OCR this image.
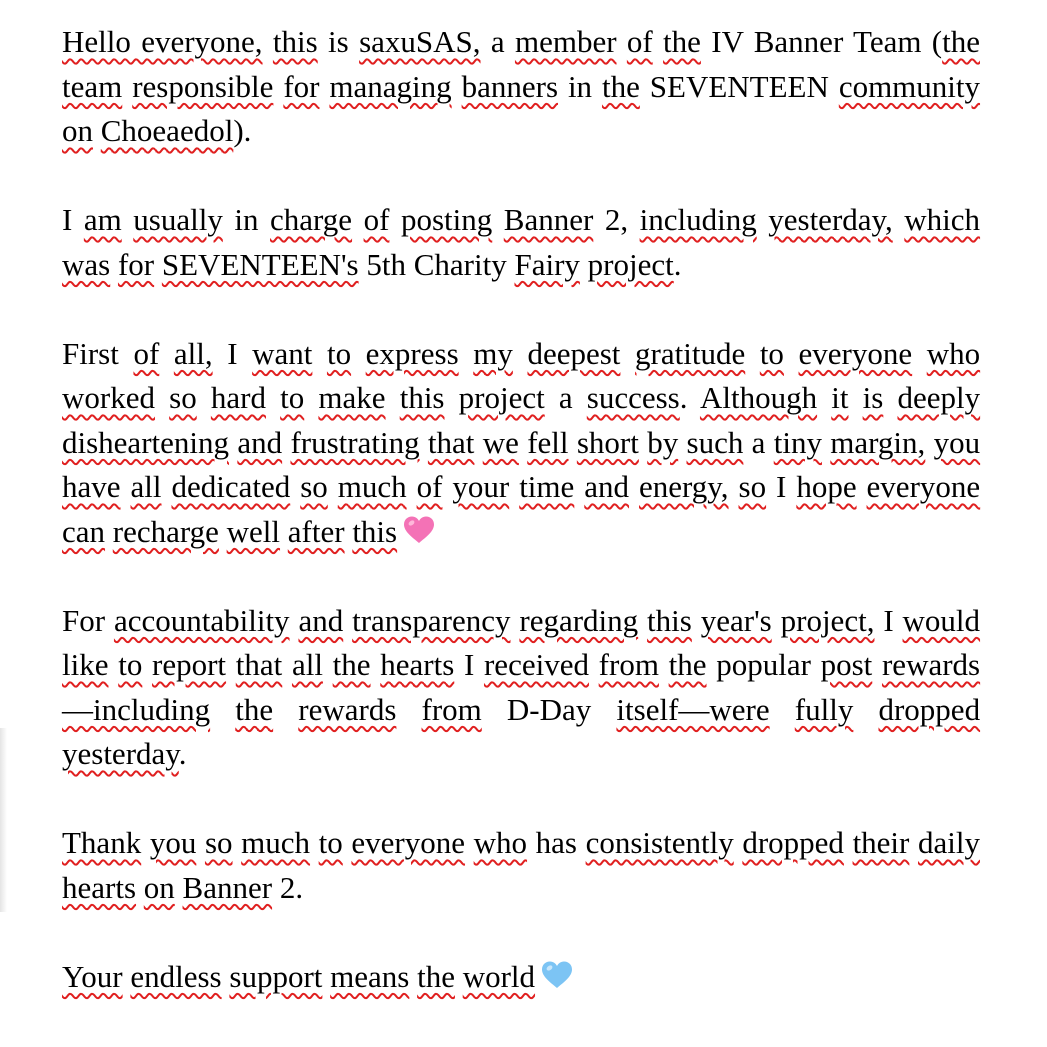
Hello everyone, this is saxuSAS, a member of the IV Banner Team (the team responsible for managing banners in the SEVENTEEN community on Choeaedol).

I am usually in charge of posting Banner 2, including yesterday, which was for SEVENTEEN's 5th Charity Fairy project.

First of all, I want to express my deepest gratitude to everyone who worked so hard to make this project a success. Although it is deeply disheartening and frustrating that we fell short by such a tiny margin, you have all dedicated so much of your time and energy, so I hope everyone can recharge well after this

For accountability and transparency regarding this year's project, I would like to report that all the hearts I received from the popular post rewards—including the rewards from D-Day itself—were fully dropped yesterday.

Thank you so much to everyone who has consistently dropped their daily hearts on Banner 2.

Your endless support means the world
